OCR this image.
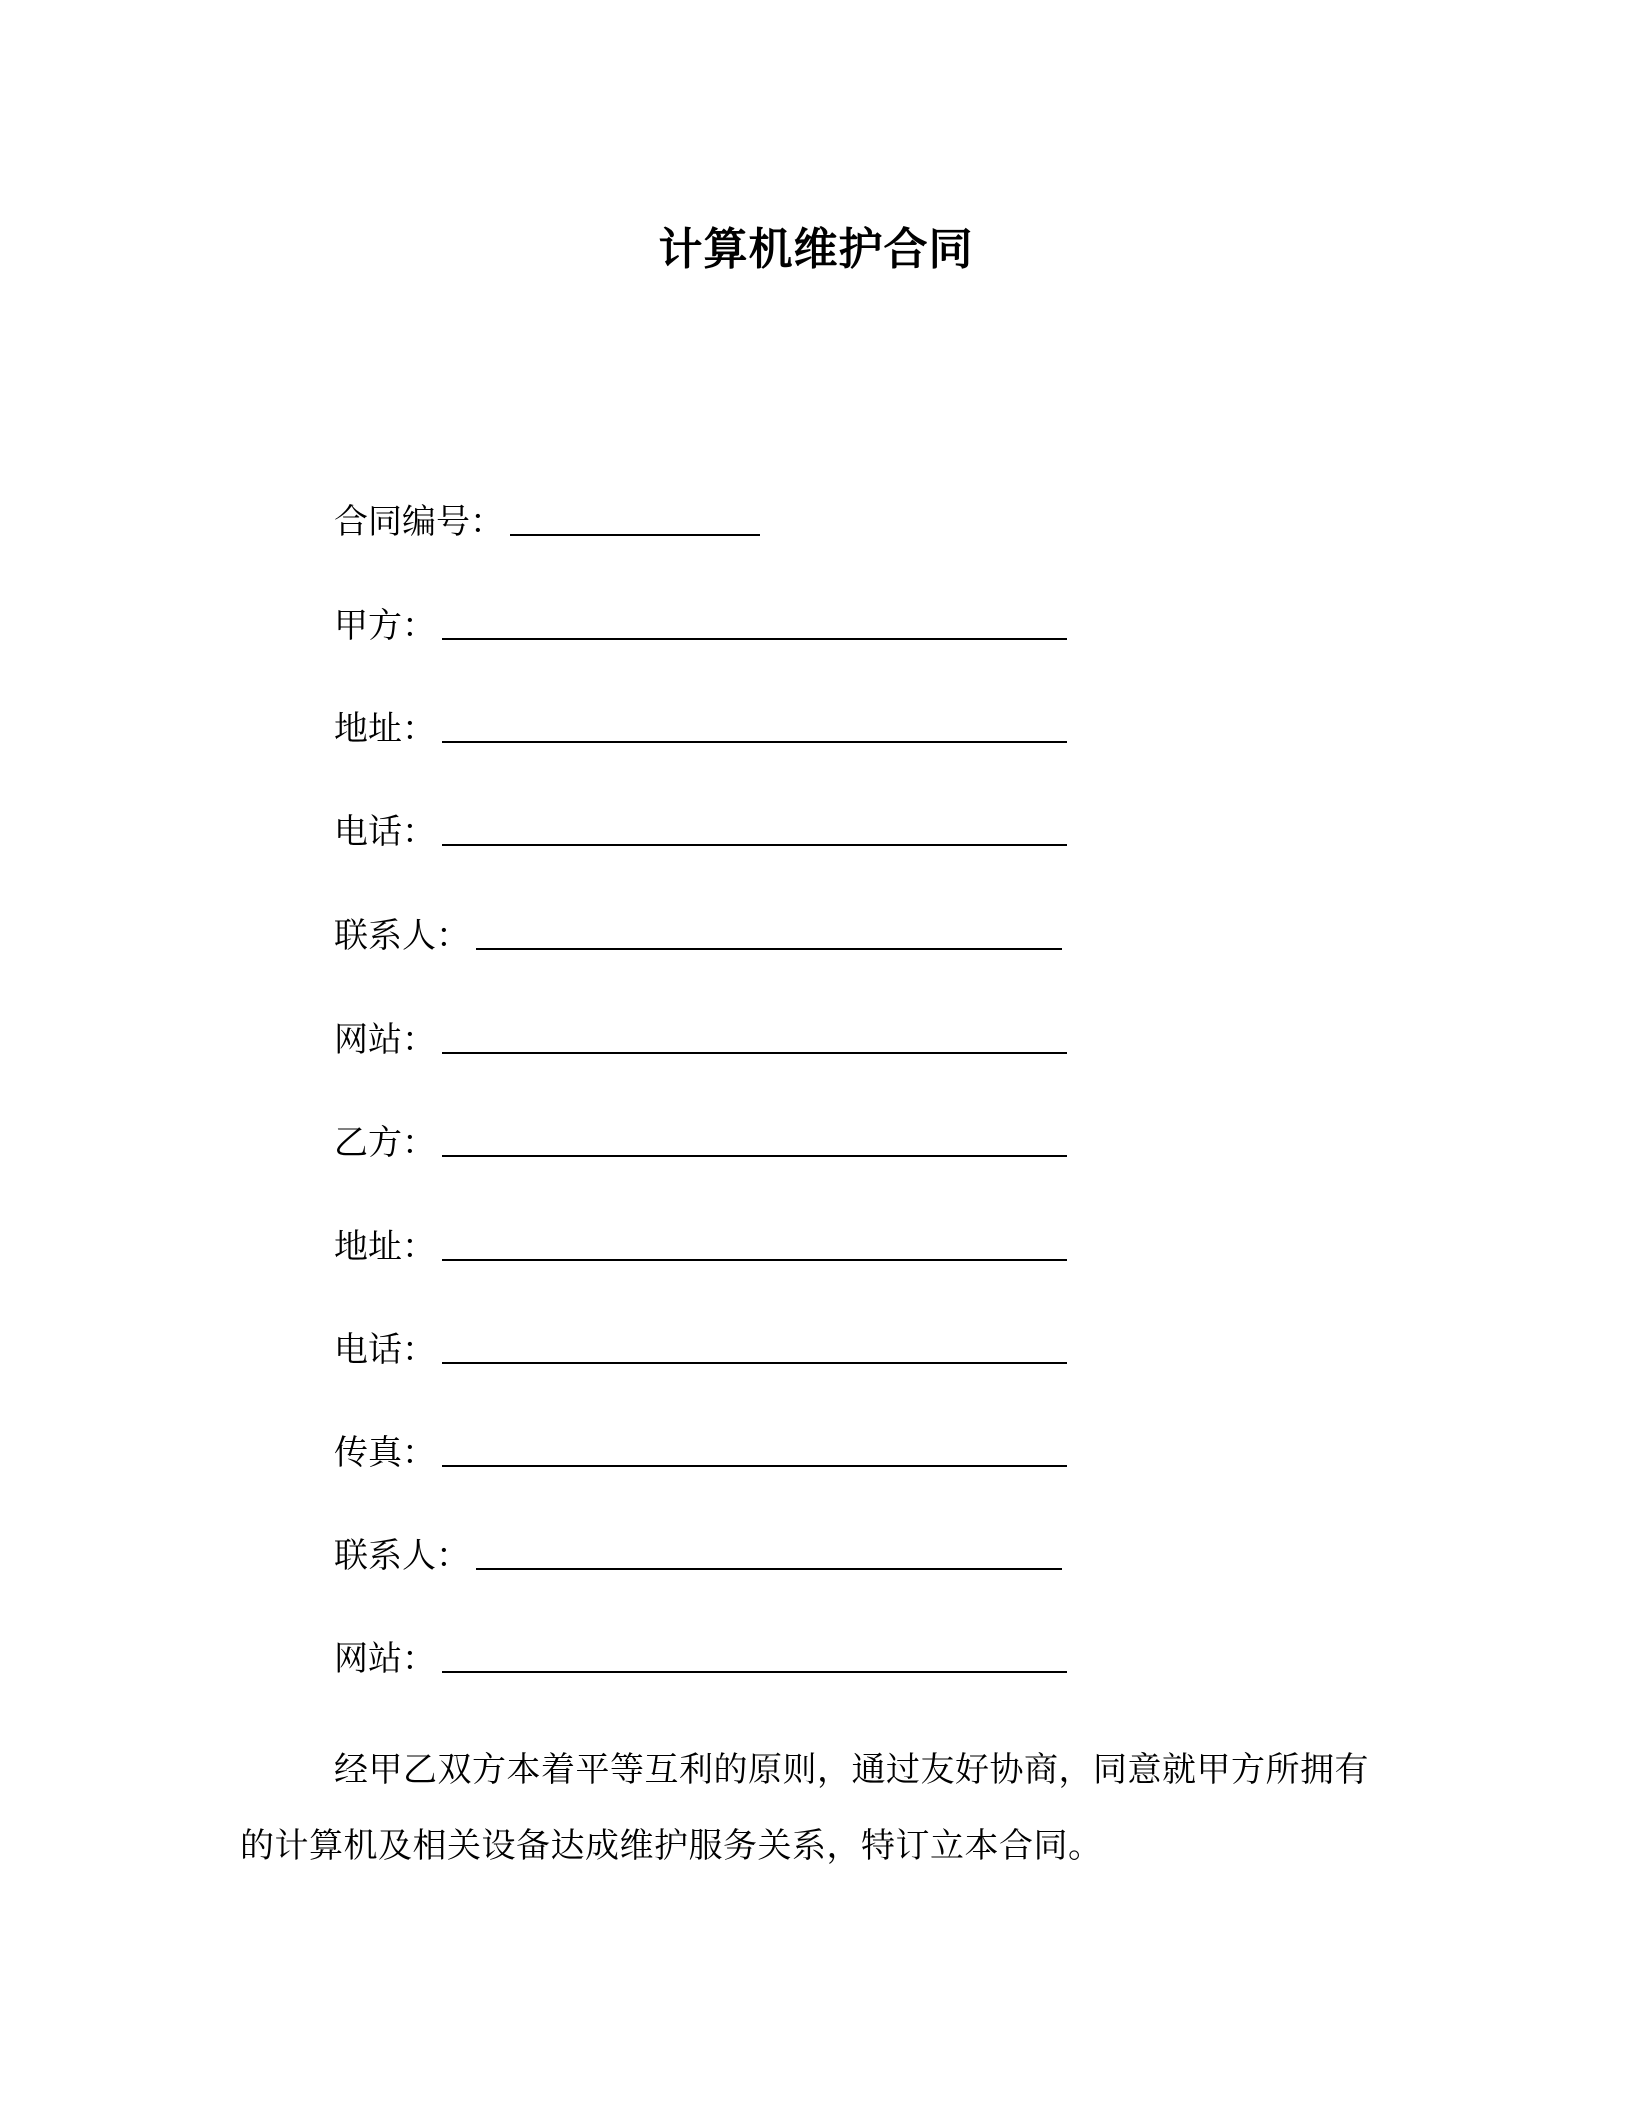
计算机维护合同
合同编号：
甲方：
地址：
电话：
联系人：
网站：
乙方：
地址：
电话：
传真：
联系人：
网站：
经甲乙双方本着平等互利的原则，通过友好协商，同意就甲方所拥有的计算机及相关设备达成维护服务关系，特订立本合同。
